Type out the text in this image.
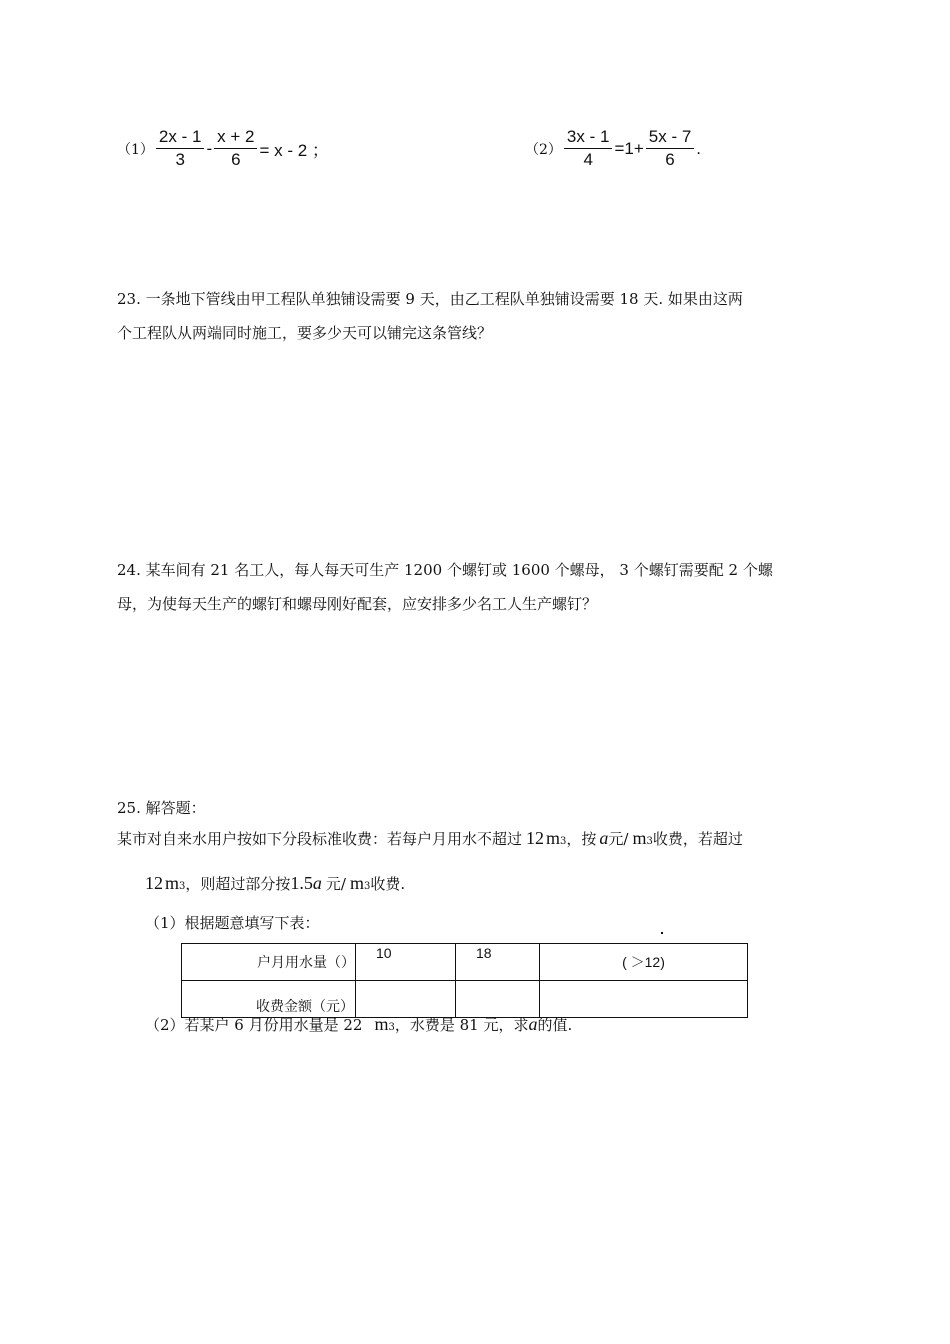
$(1) \frac{2x - 1}{3} - \frac{x + 2}{6} = x - 2$ ；	$(2) \frac{3x - 1}{4} =1+ \frac{5x - 7}{6}$ .
23. 一条地下管线由甲工程队单独铺设需要 9 天，由乙工程队单独铺设需要 18 天. 如果由这两
个工程队从两端同时施工，要多少天可以铺完这条管线？
24. 某车间有 21 名工人，每人每天可生产 1200 个螺钉或 1600 个螺母， 3 个螺钉需要配 2 个螺
母，为使每天生产的螺钉和螺母刚好配套，应安排多少名工人生产螺钉？
25. 解答题：
某市对自来水用户按如下分段标准收费：若每户月用水不超过 12 $m_3$ ，按 a 元/ $m_3$ 收费，若超过
12 $m_3$ ，则超过部分按 1.5 a 元/ $m_3$ 收费.
（1）根据题意填写下表：
户月用水量（）	10	18	( ＞12)
收费金额（元）			
（2）若某户 6 月份用水量是 22 $m_3$ ，水费是 81 元，求 a 的值.
